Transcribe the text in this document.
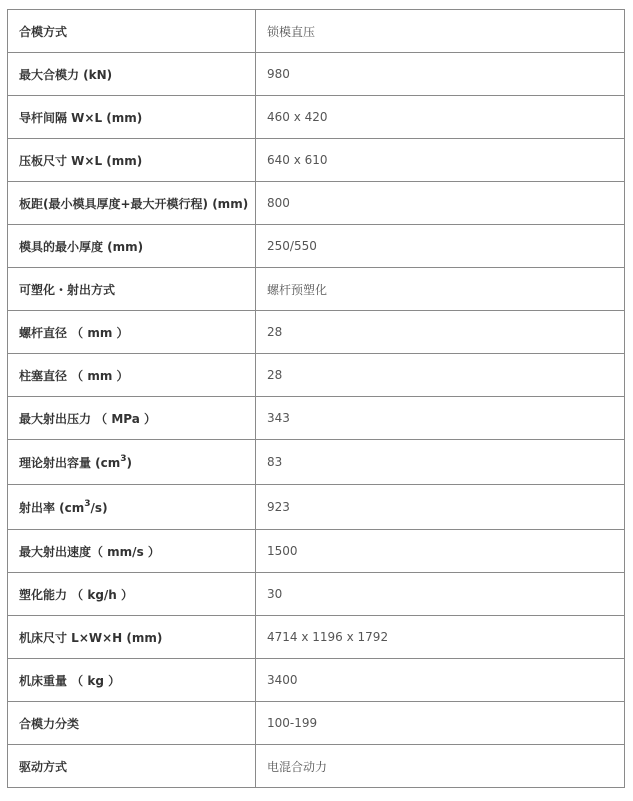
合模方式	锁模直压
最大合模力 (kN)	980
导杆间隔 W×L (mm)	460 x 420
压板尺寸 W×L (mm)	640 x 610
板距(最小模具厚度+最大开模行程) (mm)	800
模具的最小厚度 (mm)	250/550
可塑化・射出方式	螺杆预塑化
螺杆直径 （ mm ）	28
柱塞直径 （ mm ）	28
最大射出压力 （ MPa ）	343
理论射出容量 $(cm^3)$	83
射出率 $(cm^3/s)$	923
最大射出速度（ mm/s ）	1500
塑化能力 （ kg/h ）	30
机床尺寸 L×W×H (mm)	4714 x 1196 x 1792
机床重量 （ kg ）	3400
合模力分类	100-199
驱动方式	电混合动力
